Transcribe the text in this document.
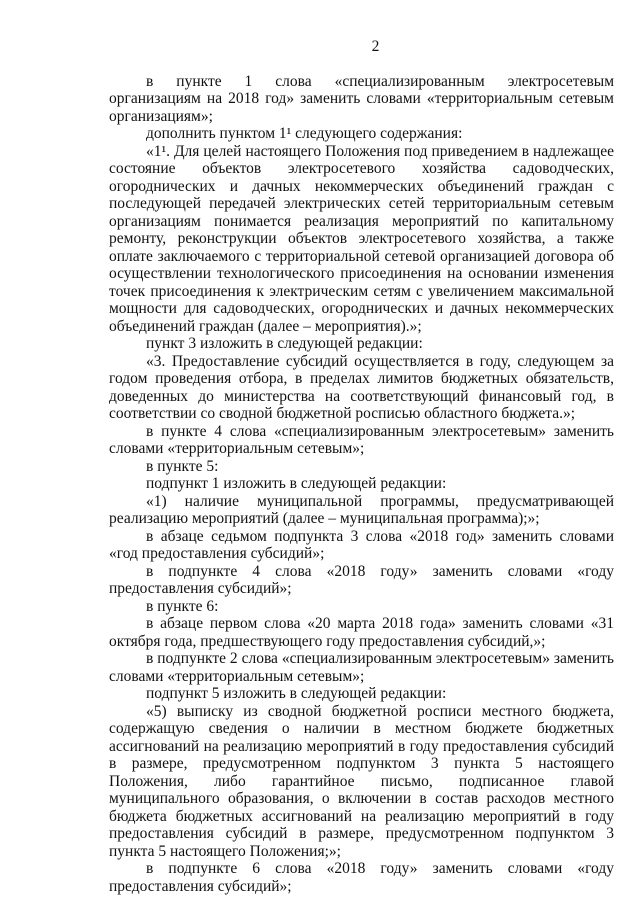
2

в пункте 1 слова «специализированным электросетевым организациям на 2018 год» заменить словами «территориальным сетевым организациям»;

дополнить пунктом 1¹ следующего содержания:

«1¹. Для целей настоящего Положения под приведением в надлежащее состояние объектов электросетевого хозяйства садоводческих, огороднических и дачных некоммерческих объединений граждан с последующей передачей электрических сетей территориальным сетевым организациям понимается реализация мероприятий по капитальному ремонту, реконструкции объектов электросетевого хозяйства, а также оплате заключаемого с территориальной сетевой организацией договора об осуществлении технологического присоединения на основании изменения точек присоединения к электрическим сетям с увеличением максимальной мощности для садоводческих, огороднических и дачных некоммерческих объединений граждан (далее – мероприятия).»;

пункт 3 изложить в следующей редакции:

«3. Предоставление субсидий осуществляется в году, следующем за годом проведения отбора, в пределах лимитов бюджетных обязательств, доведенных до министерства на соответствующий финансовый год, в соответствии со сводной бюджетной росписью областного бюджета.»;

в пункте 4 слова «специализированным электросетевым» заменить словами «территориальным сетевым»;

в пункте 5:

подпункт 1 изложить в следующей редакции:

«1) наличие муниципальной программы, предусматривающей реализацию мероприятий (далее – муниципальная программа);»;

в абзаце седьмом подпункта 3 слова «2018 год» заменить словами «год предоставления субсидий»;

в подпункте 4 слова «2018 году» заменить словами «году предоставления субсидий»;

в пункте 6:

в абзаце первом слова «20 марта 2018 года» заменить словами «31 октября года, предшествующего году предоставления субсидий,»;

в подпункте 2 слова «специализированным электросетевым» заменить словами «территориальным сетевым»;

подпункт 5 изложить в следующей редакции:

«5) выписку из сводной бюджетной росписи местного бюджета, содержащую сведения о наличии в местном бюджете бюджетных ассигнований на реализацию мероприятий в году предоставления субсидий в размере, предусмотренном подпунктом 3 пункта 5 настоящего Положения, либо гарантийное письмо, подписанное главой муниципального образования, о включении в состав расходов местного бюджета бюджетных ассигнований на реализацию мероприятий в году предоставления субсидий в размере, предусмотренном подпунктом 3 пункта 5 настоящего Положения;»;

в подпункте 6 слова «2018 году» заменить словами «году предоставления субсидий»;
